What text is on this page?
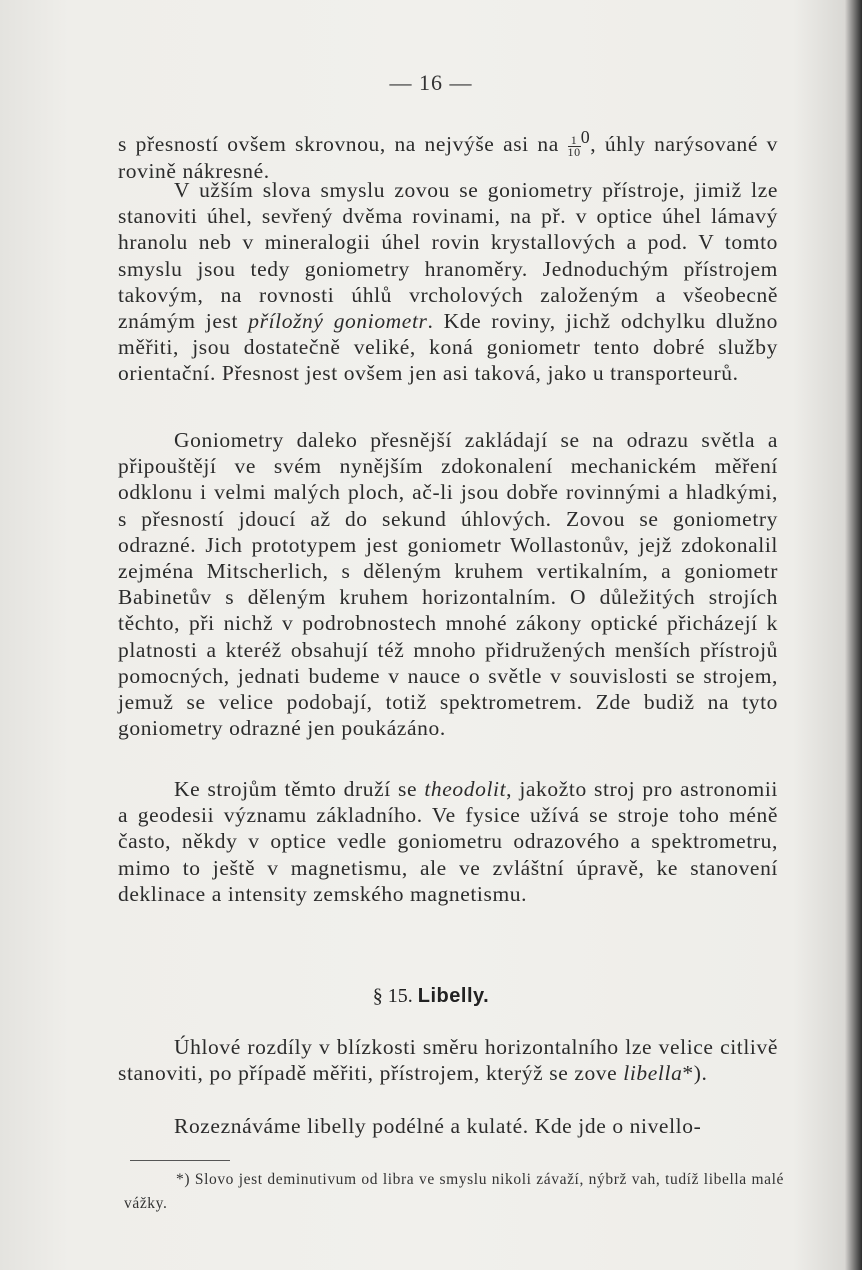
— 16 —

s přesností ovšem skrovnou, na nejvýše asi na $\frac{1}{10} ^0$, úhly narýsované v rovině nákresné.

V užším slova smyslu zovou se goniometry přístroje, jimiž lze stanoviti úhel, sevřený dvěma rovinami, na př. v optice úhel lámavý hranolu neb v mineralogii úhel rovin krystallových a pod. V tomto smyslu jsou tedy goniometry hranoměry. Jednoduchým přístrojem takovým, na rovnosti úhlů vrcholových založeným a všeobecně známým jest příložný goniometr. Kde roviny, jichž odchylku dlužno měřiti, jsou dostatečně veliké, koná goniometr tento dobré služby orientační. Přesnost jest ovšem jen asi taková, jako u transporteurů.

Goniometry daleko přesnější zakládají se na odrazu světla a připouštějí ve svém nynějším zdokonalení mechanickém měření odklonu i velmi malých ploch, ač-li jsou dobře rovinnými a hladkými, s přesností jdoucí až do sekund úhlových. Zovou se goniometry odrazné. Jich prototypem jest goniometr Wollastonův, jejž zdokonalil zejména Mitscherlich, s děleným kruhem vertikalním, a goniometr Babinetův s děleným kruhem horizontalním. O důležitých strojích těchto, při nichž v podrobnostech mnohé zákony optické přicházejí k platnosti a kteréž obsahují též mnoho přidružených menších přístrojů pomocných, jednati budeme v nauce o světle v souvislosti se strojem, jemuž se velice podobají, totiž spektrometrem. Zde budiž na tyto goniometry odrazné jen poukázáno.

Ke strojům těmto druží se theodolit, jakožto stroj pro astronomii a geodesii významu základního. Ve fysice užívá se stroje toho méně často, někdy v optice vedle goniometru odrazového a spektrometru, mimo to ještě v magnetismu, ale ve zvláštní úpravě, ke stanovení deklinace a intensity zemského magnetismu.

§ 15. Libelly.

Úhlové rozdíly v blízkosti směru horizontalního lze velice citlivě stanoviti, po případě měřiti, přístrojem, kterýž se zove libella*).

Rozeznáváme libelly podélné a kulaté. Kde jde o nivello-

*) Slovo jest deminutivum od libra ve smyslu nikoli závaží, nýbrž vah, tudíž libella malé vážky.
